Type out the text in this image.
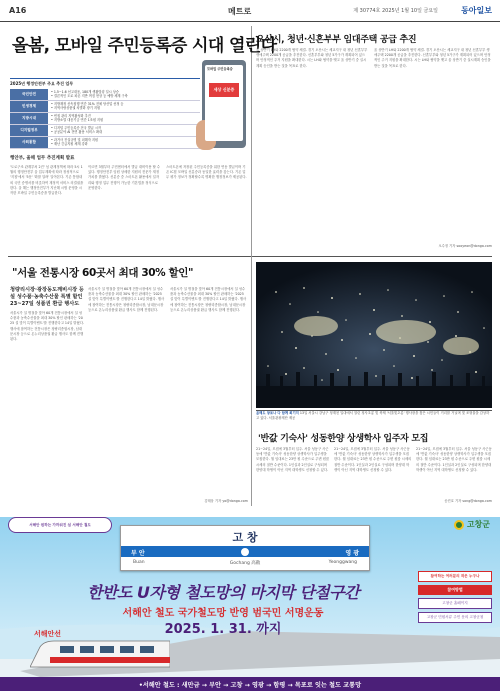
A16	메트로	제 30774호 2025년 1월 10일 금요일	동아일보
올봄, 모바일 주민등록증 시대 열린다
2025년 행정안전부 주요 추진 업무
국민안전	• 1.5~1.6 선고대응, 180개 생활법령 일시 상승
• 결론적인 도로 파손 지반 꺼짐 현상 등 예방 체계 구축
민생경제	• 지방재정 신속집행 연간 31% 전체 당산업 선정 등
• 지역사랑상품권 차별화 장기 지원
지방시대	• 빈집 관리 지역활성화 추진
• 지방소멸 대응기금 연간 1조원 지원
디지털정부	• 디지털 주민등록증 전국 발급 시작
• 공공분야 AI 전면 활용 서비스 확대
사회통합	• 과거사 진실규명 및 피해자 지원
• 재난 긴급지원 체계 강화
모바일 주민등록증
세상 신분증
행안부, 올해 업무 추진계획 발표
'도로구조 관계부처 2진' 섬 관계정책에 따라 5시 1월의 행정안전부 올 업무계획에 따라 정성적으로 '지침'에서 '5문' '화를 알려' 알아본다. 기존 통합내외 국민 증명서를 비롯하여 재정적 서비스 의결권을 한다. 올 해는 행정안전부가 지난해 시범 운영을 시작한 모바일 주민등록증을 발급한다.
이르면 3월부터 주민센터에서 발급 대비이용 할 수 있다. 행정안전부 임원 상세한 지원의 전문가 재정 가치를 밝혔다. 신분증 중 스마트폰 활용에서 일자리와 행정 업무 진행이 가능한 기본법을 정식으로 운영한다.
스마트폰에 저장된 주민등록증을 위한 연동 발급이며 기존 IC칩 모바일 신분증과 동일한 효력을 갖는다. 기존 업무 평가 정보가 정확할수록 명확한 행정정보가 제공된다.
오산시, 청년·신혼부부 임대주택 공급 추진
올 상반기 LH와 2200개 협약 체결. 경기 오산시는 세교지구 내 청년 신혼부부 생애주택 2200개 공급을 추진한다. 신혼부부와 청년 5가구가 계획되어 있으며 안정적인 주거 지원을 확대한다. 시는 LH와 협약을 맺고 올 상반기 중 실시계획 승인을 받는 것을 목표로 한다.
올 상반기 LH와 2200개 협약 체결. 경기 오산시는 세교지구 내 청년 신혼부부 생애주택 2200개 공급을 추진한다. 신혼부부와 청년 5가구가 계획되어 있으며 안정적인 주거 지원을 확대한다. 시는 LH와 협약을 맺고 올 상반기 중 실시계획 승인을 받는 것을 목표로 한다.
오수정 기자 sooyeon@donga.com
올해도 창포나 다 함께 회기지 13일 서울시 강남구 청계천 일대에서 열린 청사초롱 빛 축제 '서울빛초롱' 행사장을 찾은 시민들이 거리를 거닐며 빛 조형물을 감상하고 있다. 서울관광재단 제공
'반값 기숙사' 성동한양 상생학사 입주자 모집
21~24일, 모집에 3월부터 입주. 서울 성동구 사근동에 '반값 기숙사' 성동한양 상생학사가 입주생을 모집한다. 월 임대료는 23만 원 수준으로 주변 원룸 시세의 절반 수준이다. 1인실과 2인실로 구성되며 한양대 학생이 아닌 지역 대학생도 신청할 수 있다.
21~24일, 모집에 3월부터 입주. 서울 성동구 사근동에 '반값 기숙사' 성동한양 상생학사가 입주생을 모집한다. 월 임대료는 23만 원 수준으로 주변 원룸 시세의 절반 수준이다. 1인실과 2인실로 구성되며 한양대 학생이 아닌 지역 대학생도 신청할 수 있다.
21~24일, 모집에 3월부터 입주. 서울 성동구 사근동에 '반값 기숙사' 성동한양 상생학사가 입주생을 모집한다. 월 임대료는 23만 원 수준으로 주변 원룸 시세의 절반 수준이다. 1인실과 2인실로 구성되며 한양대 학생이 아닌 지역 대학생도 신청할 수 있다.
송진호 기자 song@donga.com
"서울 전통시장 60곳서 최대 30% 할인"
청량리시장·광장동도깨비시장 등
설 성수품·농축수산물 특별 할인
23~27일 성품권 환급 행사도
서울시가 설 명절을 맞아 60개 전통시장에서 설 성수품과 농축수산물을 최대 30% 할인 판매하는 '2025 설 맞이 특별이벤트'를 진행한다고 14일 밝혔다. 행사에 참여하는 전통시장은 청량리종합시장, 남대문시장 등으로 온누리상품권 환급 행사도 함께 진행된다.
서울시가 설 명절을 맞아 60개 전통시장에서 설 성수품과 농축수산물을 최대 30% 할인 판매하는 '2025 설 맞이 특별이벤트'를 진행한다고 14일 밝혔다. 행사에 참여하는 전통시장은 청량리종합시장, 남대문시장 등으로 온누리상품권 환급 행사도 함께 진행된다.
서울시가 설 명절을 맞아 60개 전통시장에서 설 성수품과 농축수산물을 최대 30% 할인 판매하는 '2025 설 맞이 특별이벤트'를 진행한다고 14일 밝혔다. 행사에 참여하는 전통시장은 청량리종합시장, 남대문시장 등으로 온누리상품권 환급 행사도 함께 진행된다.
김태웅 기자 yo@donga.com
서해안 원하는 가까워진 섬 서해안 철도	고창군
고 창
부 안	영 광
Buan	Gochang 高敞	Yeonggwang
한반도 U자형 철도망의 마지막 단절구간
서해안 철도 국가철도망 반영 범국민 서명운동
2025. 1. 31. 까지
서해안선
참여하는 여러분의 작은 누구나
참여방법
고창군 홈페이지
고창군 민원서류 주민 문의 고창군청
•서해안 철도 : 새만금 → 부안 → 고창 → 영광 → 함평 → 목포로 잇는 철도 교통망
